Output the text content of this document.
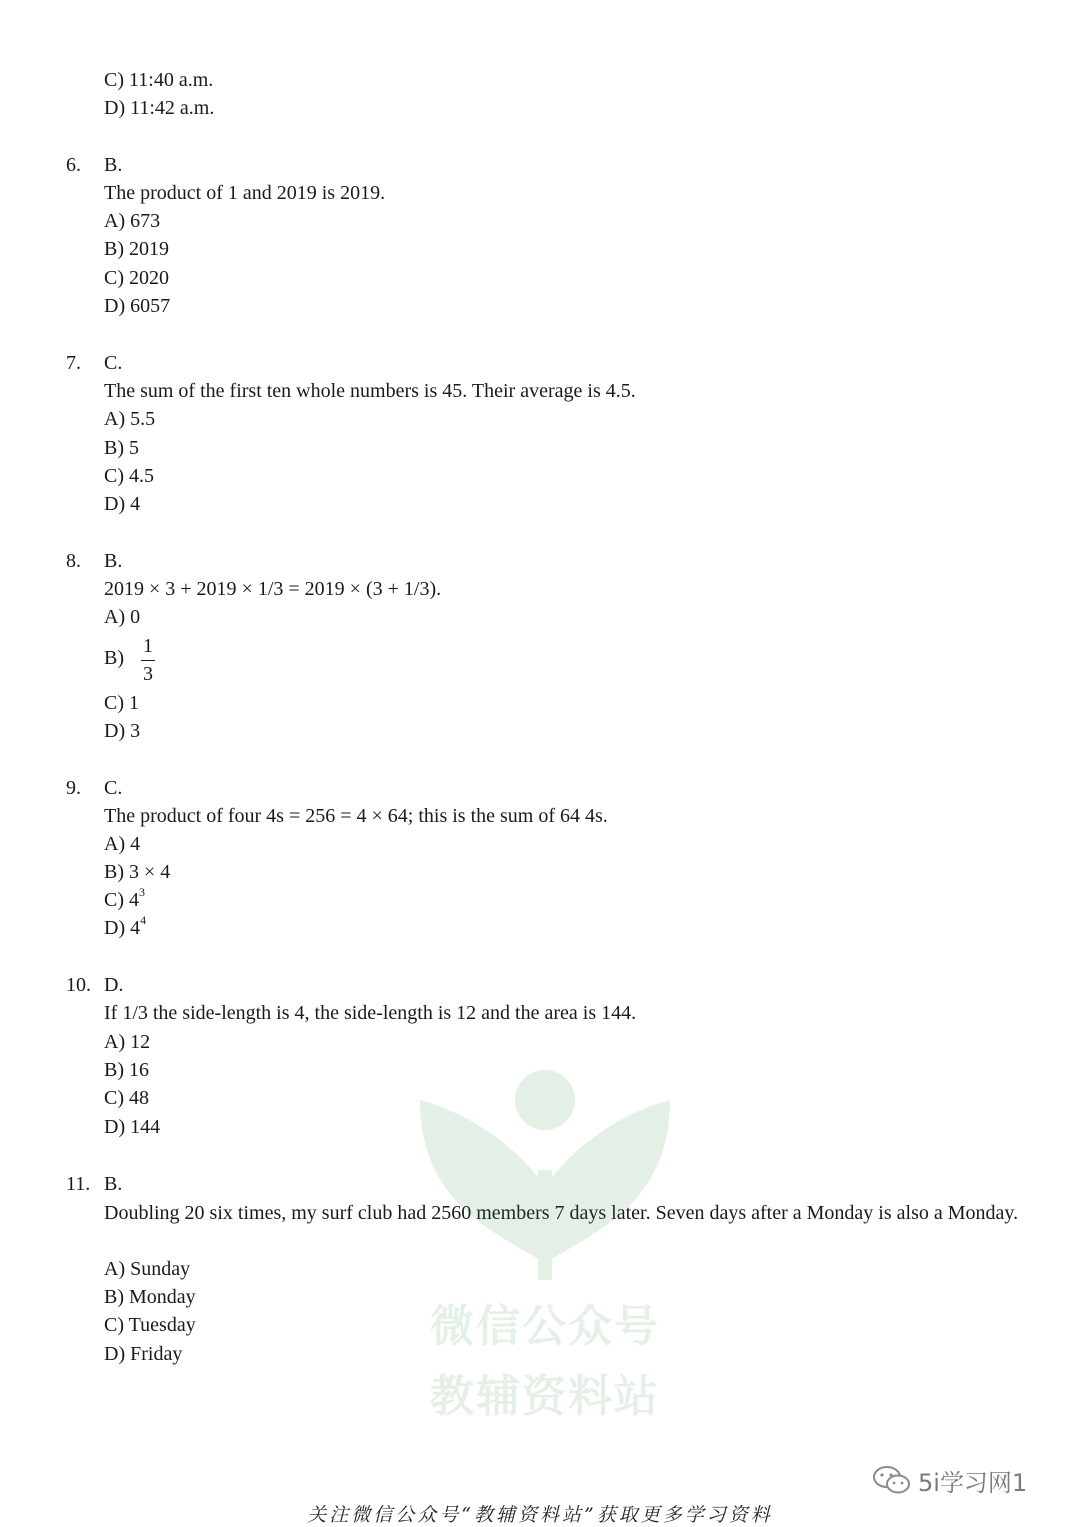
C) 11:40 a.m.
D) 11:42 a.m.
6. B.
The product of 1 and 2019 is 2019.
A) 673
B) 2019
C) 2020
D) 6057
7. C.
The sum of the first ten whole numbers is 45. Their average is 4.5.
A) 5.5
B) 5
C) 4.5
D) 4
8. B.
2019 × 3 + 2019 × 1/3 = 2019 × (3 + 1/3).
A) 0
B)
1
3
C) 1
D) 3
9. C.
The product of four 4s = 256 = 4 × 64; this is the sum of 64 4s.
A) 4
B) 3 × 4
C) $4^3$
D) $4^4$
10. D.
If 1/3 the side-length is 4, the side-length is 12 and the area is 144.
A) 12
B) 16
C) 48
D) 144
11. B.
Doubling 20 six times, my surf club had 2560 members 7 days later. Seven days after a Monday is also a Monday.
A) Sunday
B) Monday
C) Tuesday
D) Friday
微信公众号
教辅资料站
5i学习网1
关注微信公众号“教辅资料站”获取更多学习资料
